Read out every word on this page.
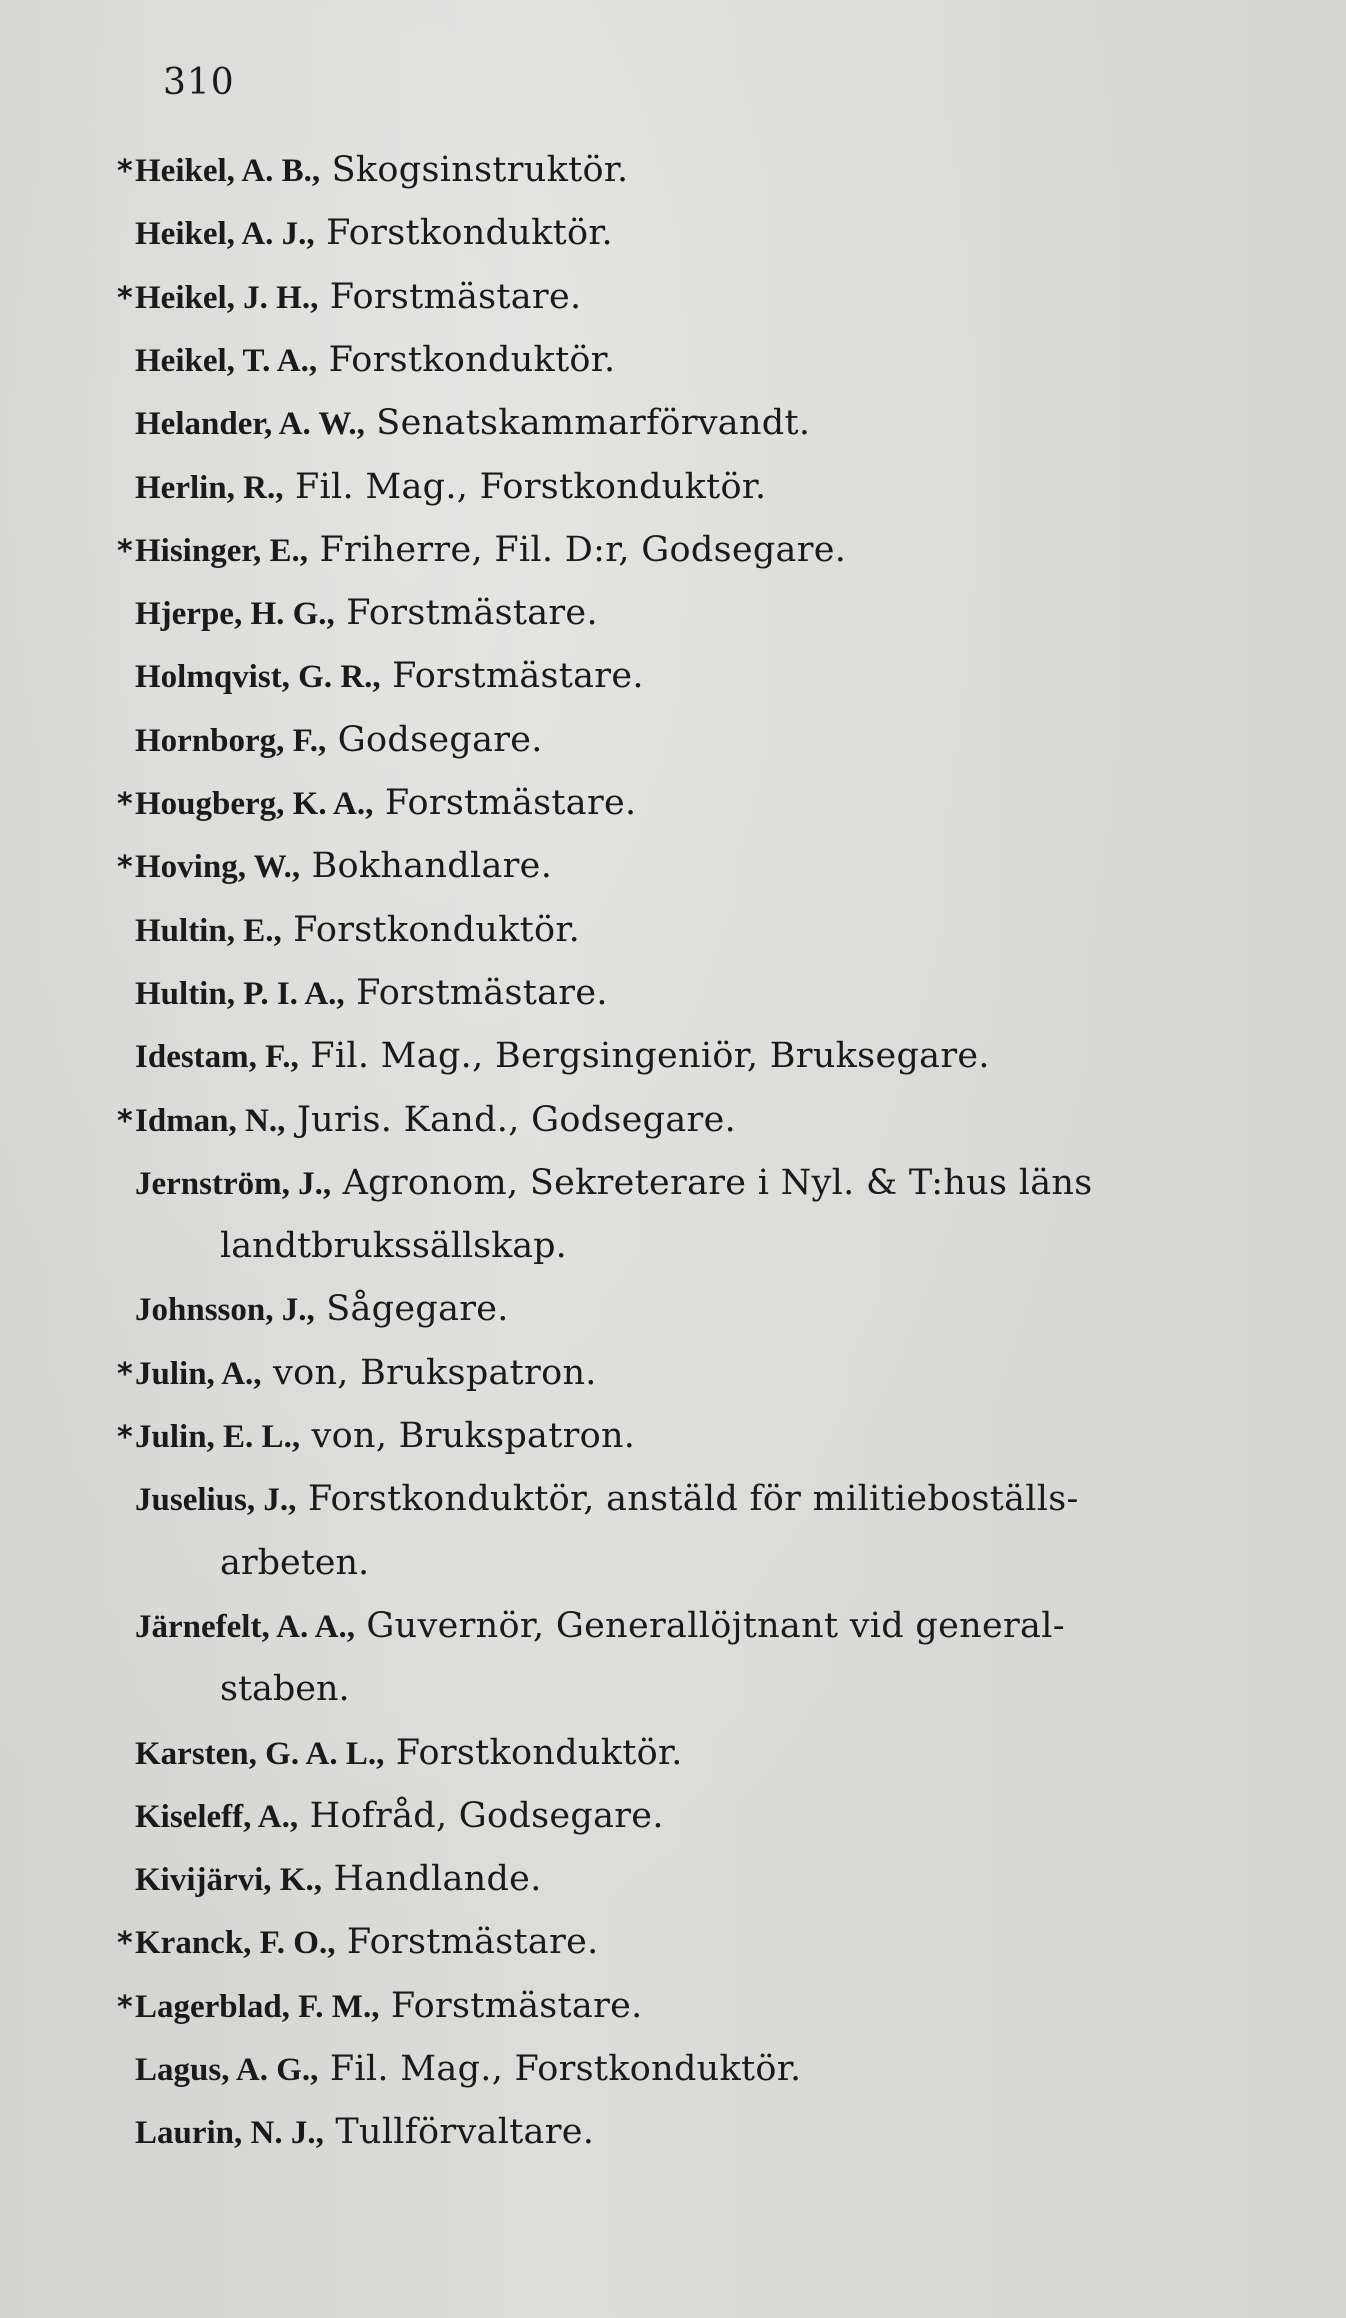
310
*Heikel, A. B., Skogsinstruktör.
Heikel, A. J., Forstkonduktör.
*Heikel, J. H., Forstmästare.
Heikel, T. A., Forstkonduktör.
Helander, A. W., Senatskammarförvandt.
Herlin, R., Fil. Mag., Forstkonduktör.
*Hisinger, E., Friherre, Fil. D:r, Godsegare.
Hjerpe, H. G., Forstmästare.
Holmqvist, G. R., Forstmästare.
Hornborg, F., Godsegare.
*Hougberg, K. A., Forstmästare.
*Hoving, W., Bokhandlare.
Hultin, E., Forstkonduktör.
Hultin, P. I. A., Forstmästare.
Idestam, F., Fil. Mag., Bergsingeniör, Bruksegare.
*Idman, N., Juris. Kand., Godsegare.
Jernström, J., Agronom, Sekreterare i Nyl. & T:hus läns
landtbrukssällskap.
Johnsson, J., Sågegare.
*Julin, A., von, Brukspatron.
*Julin, E. L., von, Brukspatron.
Juselius, J., Forstkonduktör, anstäld för militieboställs-
arbeten.
Järnefelt, A. A., Guvernör, Generallöjtnant vid general-
staben.
Karsten, G. A. L., Forstkonduktör.
Kiseleff, A., Hofråd, Godsegare.
Kivijärvi, K., Handlande.
*Kranck, F. O., Forstmästare.
*Lagerblad, F. M., Forstmästare.
Lagus, A. G., Fil. Mag., Forstkonduktör.
Laurin, N. J., Tullförvaltare.
